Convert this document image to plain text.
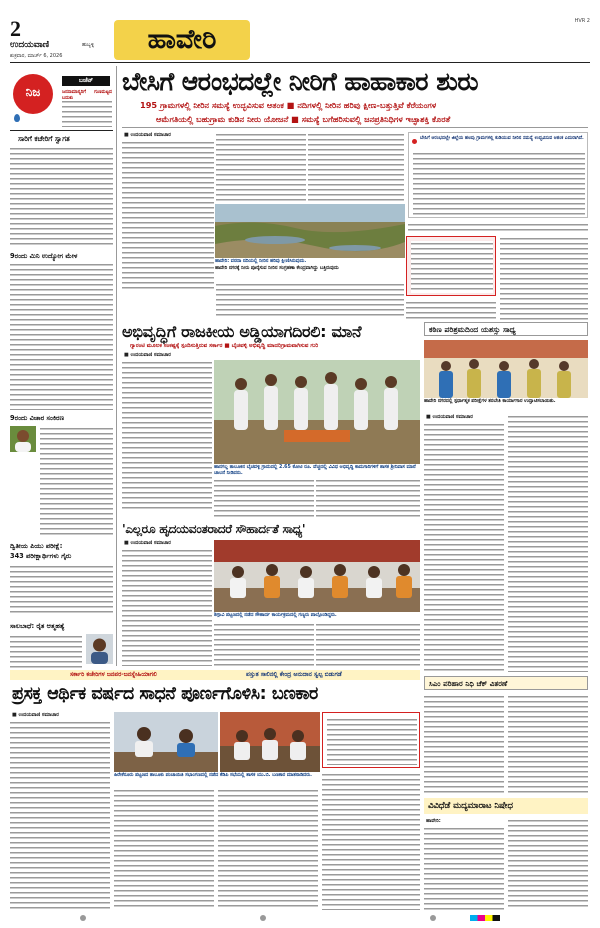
2
ಉದಯವಾಣಿ	ಹುಬ್ಬಳ್ಳಿ
ಶುಕ್ರವಾರ, ಮಾರ್ಚ್ 6, 2026
ಹಾವೇರಿ
HVR 2
ನಿಜ
ಬಜೆಟ್
ಜನಸಾಮಾನ್ಯರಿಗೆ ಗುಣಮಟ್ಟದ
ಸಾರಿಗೆ ಕಚೇರಿಗೆ ಸ್ವಾಗತ
9ರಂದು ಮಿನಿ ಉದ್ಯೋಗ ಮೇಳ
9ರಂದು ವಿಚಾರ ಸಂಕಿರಣ
ದ್ವಿತೀಯ ಪಿಯು ಪರೀಕ್ಷೆ:
343 ಪರೀಕ್ಷಾರ್ಥಿಗಳು ಗೈರು
ಸಾಲಬಾಧೆ: ರೈತ ಆತ್ಮಹತ್ಯೆ
ಬೇಸಿಗೆ ಆರಂಭದಲ್ಲೇ ನೀರಿಗೆ ಹಾಹಾಕಾರ ಶುರು
195 ಗ್ರಾಮಗಳಲ್ಲಿ ನೀರಿನ ಸಮಸ್ಯೆ ಉದ್ಭವಿಸುವ ಆತಂಕ ■ ನದಿಗಳಲ್ಲಿ ನೀರಿನ ಹರಿವು ಕ್ಷೀಣ-ಬತ್ತುತ್ತಿವೆ ಕೆರೆಯಂಗಳ
ಆಮೆಗತಿಯಲ್ಲಿ ಬಹುಗ್ರಾಮ ಕುಡಿನ ನೀರು ಯೋಜನೆ ■ ಸಮಸ್ಯೆ ಬಗೆಹರಿಸುವಲ್ಲಿ ಜನಪ್ರತಿನಿಧಿಗಳ ಇಚ್ಛಾಶಕ್ತಿ ಕೊರತೆ
■ ಉದಯವಾಣಿ ಸಮಾಚಾರ
ಹಾವೇರಿ: ವರದಾ ನದಿಯಲ್ಲಿ ನೀರಿನ ಹರಿವು ಕ್ಷೀಣಿಸಿರುವುದು.
ಹಾವೇರಿ ನಗರಕ್ಕೆ ನೀರು ಪೂರೈಸುವ ನೀರಿನ ಸಂಗ್ರಹಣಾ ಕೇಂದ್ರವಾಗಿದ್ದು ಬತ್ತಿರುವುದು
ಬೇಸಿಗೆ ಆರಂಭದಲ್ಲೇ ಜಿಲ್ಲೆಯ ಹಲವು ಗ್ರಾಮಗಳಲ್ಲಿ ಕುಡಿಯುವ ನೀರಿನ ಸಮಸ್ಯೆ ಉದ್ಭವಿಸುವ ಆತಂಕ ಎದುರಾಗಿದೆ.
ಅಭಿವೃದ್ಧಿಗೆ ರಾಜಕೀಯ ಅಡ್ಡಿಯಾಗದಿರಲಿ: ಮಾನೆ
ಗ್ಯಾರಂಟಿ ಮೂಲಕ ಸಂಕಷ್ಟಕ್ಕೆ ಸ್ಪಂದಿಸುತ್ತಿರುವ ಸರ್ಕಾರ ■ ಬೈಚವಳ್ಳಿ ಅಭಿವೃದ್ಧಿ ಮಾದರಿಗ್ರಾಮವಾಗಿಸುವ ಗುರಿ
■ ಉದಯವಾಣಿ ಸಮಾಚಾರ
ಹಾನಗಲ್ಲ ತಾಲೂಕಿನ ಬೈಚವಳ್ಳಿ ಗ್ರಾಮದಲ್ಲಿ 2.65 ಕೋಟಿ ರೂ. ವೆಚ್ಚದಲ್ಲಿ ವಿವಿಧ ಅಭಿವೃದ್ಧಿ ಕಾಮಗಾರಿಗಳಿಗೆ ಶಾಸಕ ಶ್ರೀನಿವಾಸ ಮಾನೆ ಚಾಲನೆ ನೀಡಿದರು.
ಕಠಿಣ ಪರಿಶ್ರಮದಿಂದ ಯಶಸ್ಸು ಸಾಧ್ಯ
ಹಾವೇರಿ ನಗರದಲ್ಲಿ ಸ್ಪರ್ಧಾತ್ಮಕ ಪರೀಕ್ಷೆಗಳ ತರಬೇತಿ ಕಾರ್ಯಾಗಾರ ಉದ್ಘಾಟಿಸಲಾಯಿತು.
■ ಉದಯವಾಣಿ ಸಮಾಚಾರ
'ಎಲ್ಲರೂ ಹೃದಯವಂತರಾದರೆ ಸೌಹಾರ್ದತೆ ಸಾಧ್ಯ'
■ ಉದಯವಾಣಿ ಸಮಾಚಾರ
ಶಿಗ್ಗಾವಿ ಪಟ್ಟಣದಲ್ಲಿ ನಡೆದ ಸೌಹಾರ್ದ ಕಾರ್ಯಕ್ರಮದಲ್ಲಿ ಗಣ್ಯರು ಪಾಲ್ಗೊಂಡಿದ್ದರು.
ಸಿಎಂ ಪರಿಹಾರ ನಿಧಿ ಚೆಕ್ ವಿತರಣೆ
ಸರ್ಕಾರಿ ಕಚೇರಿಗಳ ಜನಪರ-ಜನಸ್ನೇಹಿಯಾಗಲಿ	ಪಸ್ತುತ ಸಾಲಿನಲ್ಲಿ ಕೇಂದ್ರ ಅನುದಾನ ಸ್ವಲ್ಪ ಬಿಡುಗಡೆ
ಪ್ರಸಕ್ತ ಆರ್ಥಿಕ ವರ್ಷದ ಸಾಧನೆ ಪೂರ್ಣಗೊಳಿಸಿ: ಬಣಕಾರ
■ ಉದಯವಾಣಿ ಸಮಾಚಾರ
ಹಿರೇಕೆರೂರು ಪಟ್ಟಣದ ತಾಲೂಕು ಪಂಚಾಯಿತಿ ಸಭಾಂಗಣದಲ್ಲಿ ನಡೆದ ಕೆಡಿಪಿ ಸಭೆಯಲ್ಲಿ ಶಾಸಕ ಯು.ಬಿ. ಬಣಕಾರ ಮಾತನಾಡಿದರು.
ವಿವಿಧೆಡೆ ಮದ್ಯಮಾರಾಟ ನಿಷೇಧ
ಹಾವೇರಿ:
